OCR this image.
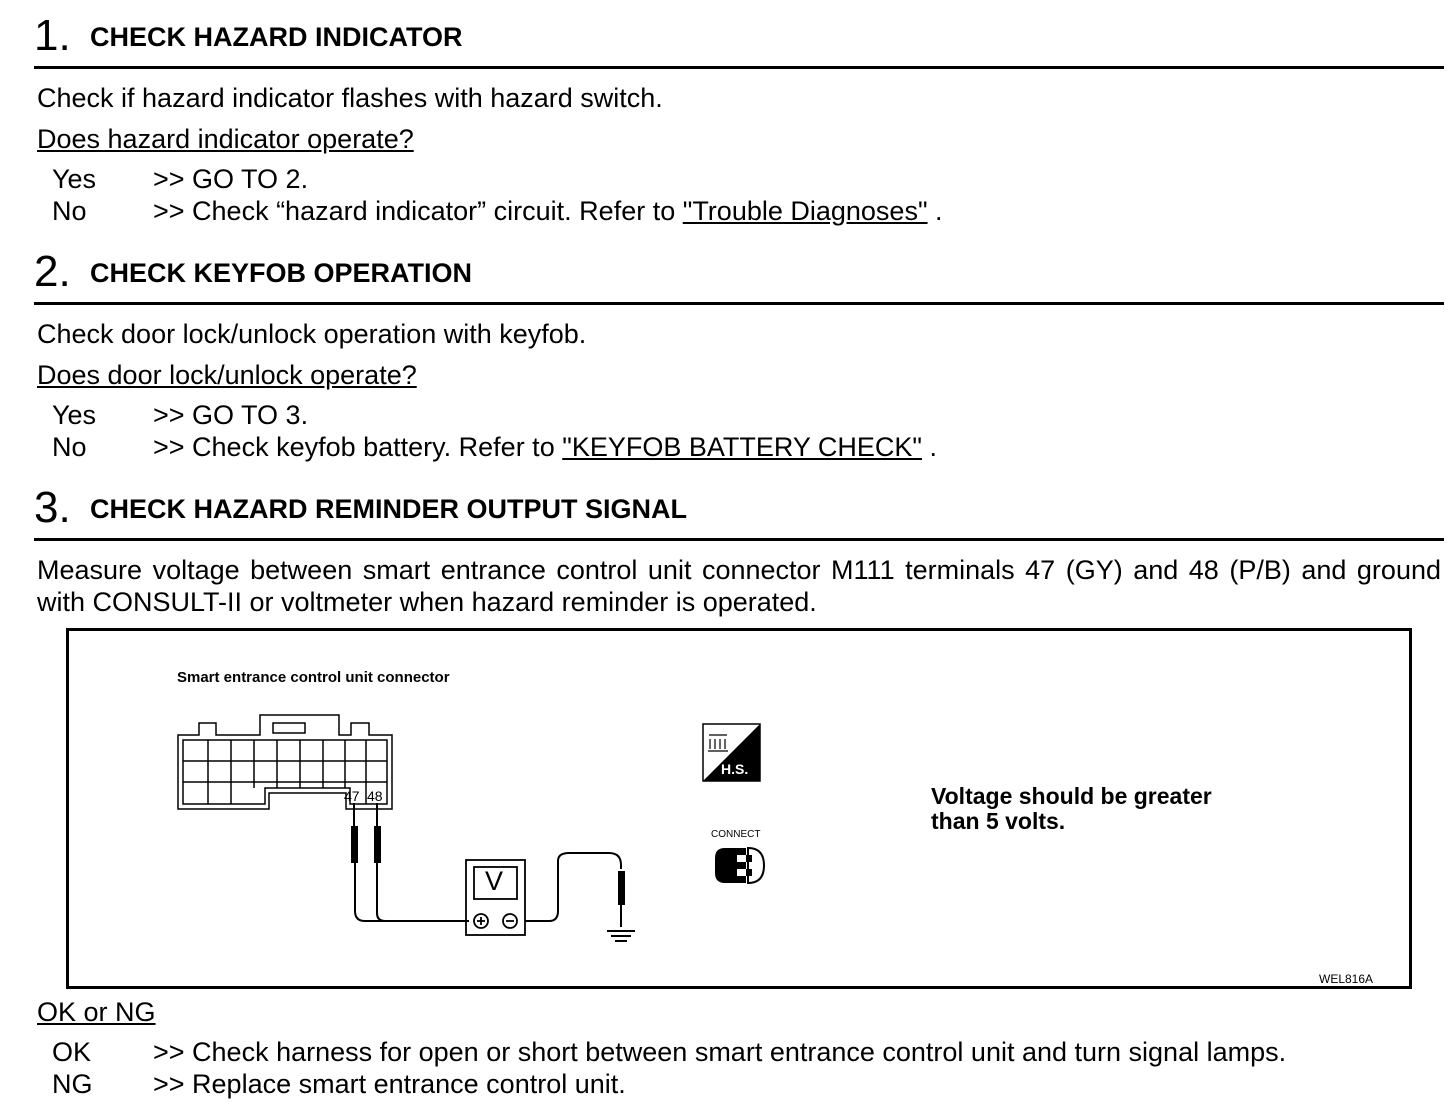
1. CHECK HAZARD INDICATOR
Check if hazard indicator flashes with hazard switch.
Does hazard indicator operate?
Yes >> GO TO 2.
No >> Check “hazard indicator” circuit. Refer to "Trouble Diagnoses" .
2. CHECK KEYFOB OPERATION
Check door lock/unlock operation with keyfob.
Does door lock/unlock operate?
Yes >> GO TO 3.
No >> Check keyfob battery. Refer to "KEYFOB BATTERY CHECK" .
3. CHECK HAZARD REMINDER OUTPUT SIGNAL
Measure voltage between smart entrance control unit connector M111 terminals 47 (GY) and 48 (P/B) and ground with CONSULT-II or voltmeter when hazard reminder is operated.
Smart entrance control unit connector
47 48
V
H.S.
CONNECT
Voltage should be greater than 5 volts.
WEL816A
OK or NG
OK >> Check harness for open or short between smart entrance control unit and turn signal lamps.
NG >> Replace smart entrance control unit.
